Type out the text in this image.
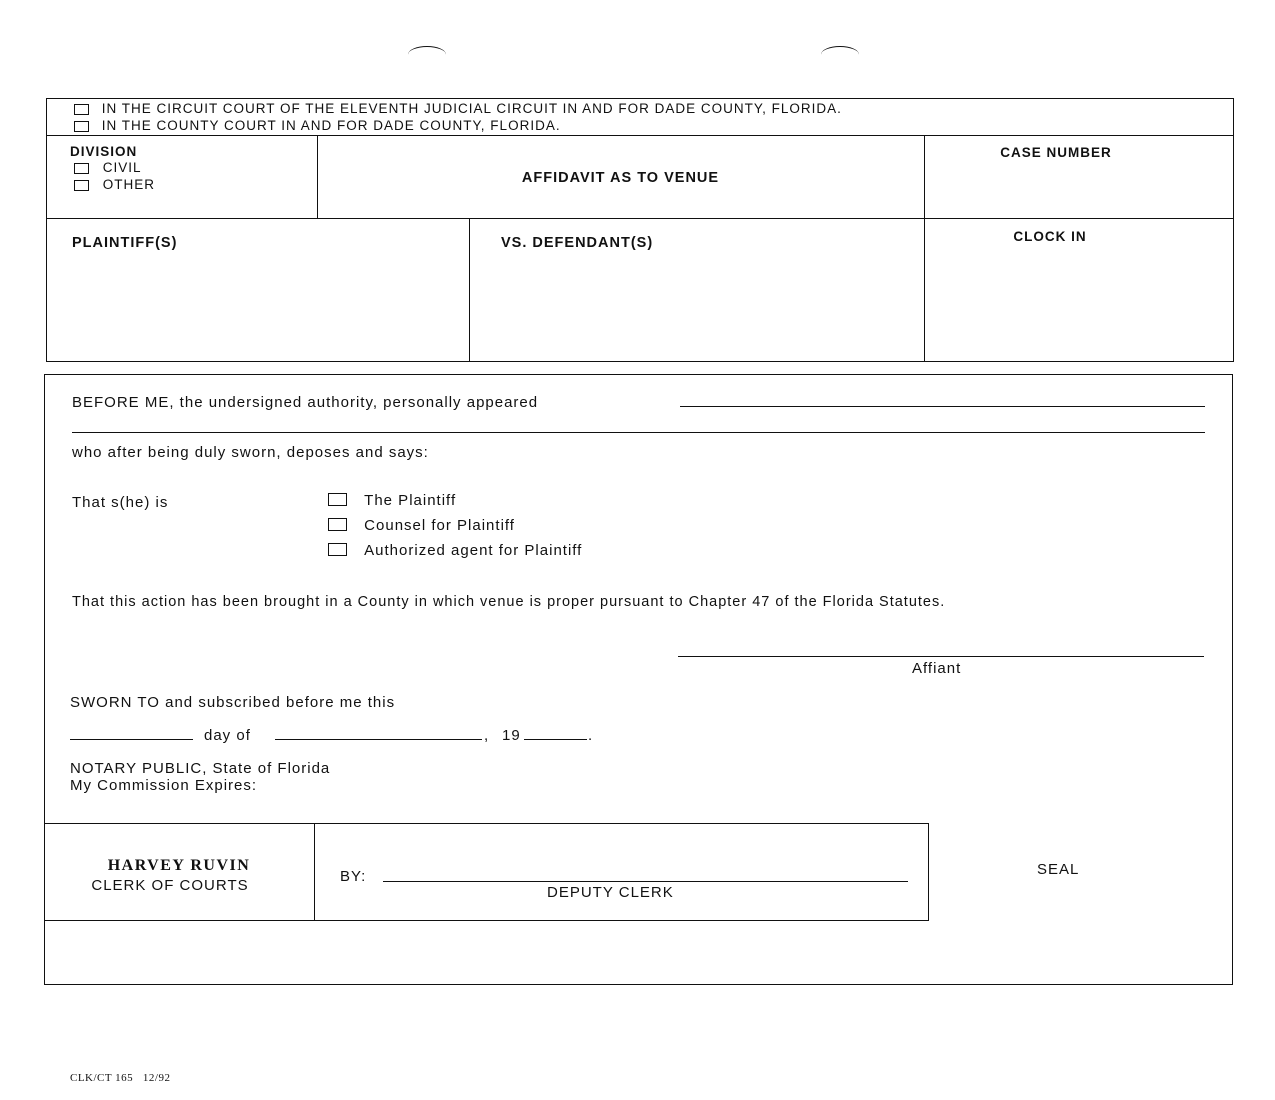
IN THE CIRCUIT COURT OF THE ELEVENTH JUDICIAL CIRCUIT IN AND FOR DADE COUNTY, FLORIDA.
IN THE COUNTY COURT IN AND FOR DADE COUNTY, FLORIDA.
DIVISION
CIVIL
OTHER	AFFIDAVIT AS TO VENUE
CASE NUMBER
PLAINTIFF(S)	VS. DEFENDANT(S)	CLOCK IN
BEFORE ME, the undersigned authority, personally appeared
who after being duly sworn, deposes and says:
That s(he) is	The Plaintiff
Counsel for Plaintiff
Authorized agent for Plaintiff
That this action has been brought in a County in which venue is proper pursuant to Chapter 47 of the Florida Statutes.
Affiant
SWORN TO and subscribed before me this
day of	, 19	.
NOTARY PUBLIC, State of Florida
My Commission Expires:
HARVEY RUVIN
CLERK OF COURTS
BY:
DEPUTY CLERK
SEAL
CLK/CT 165   12/92
